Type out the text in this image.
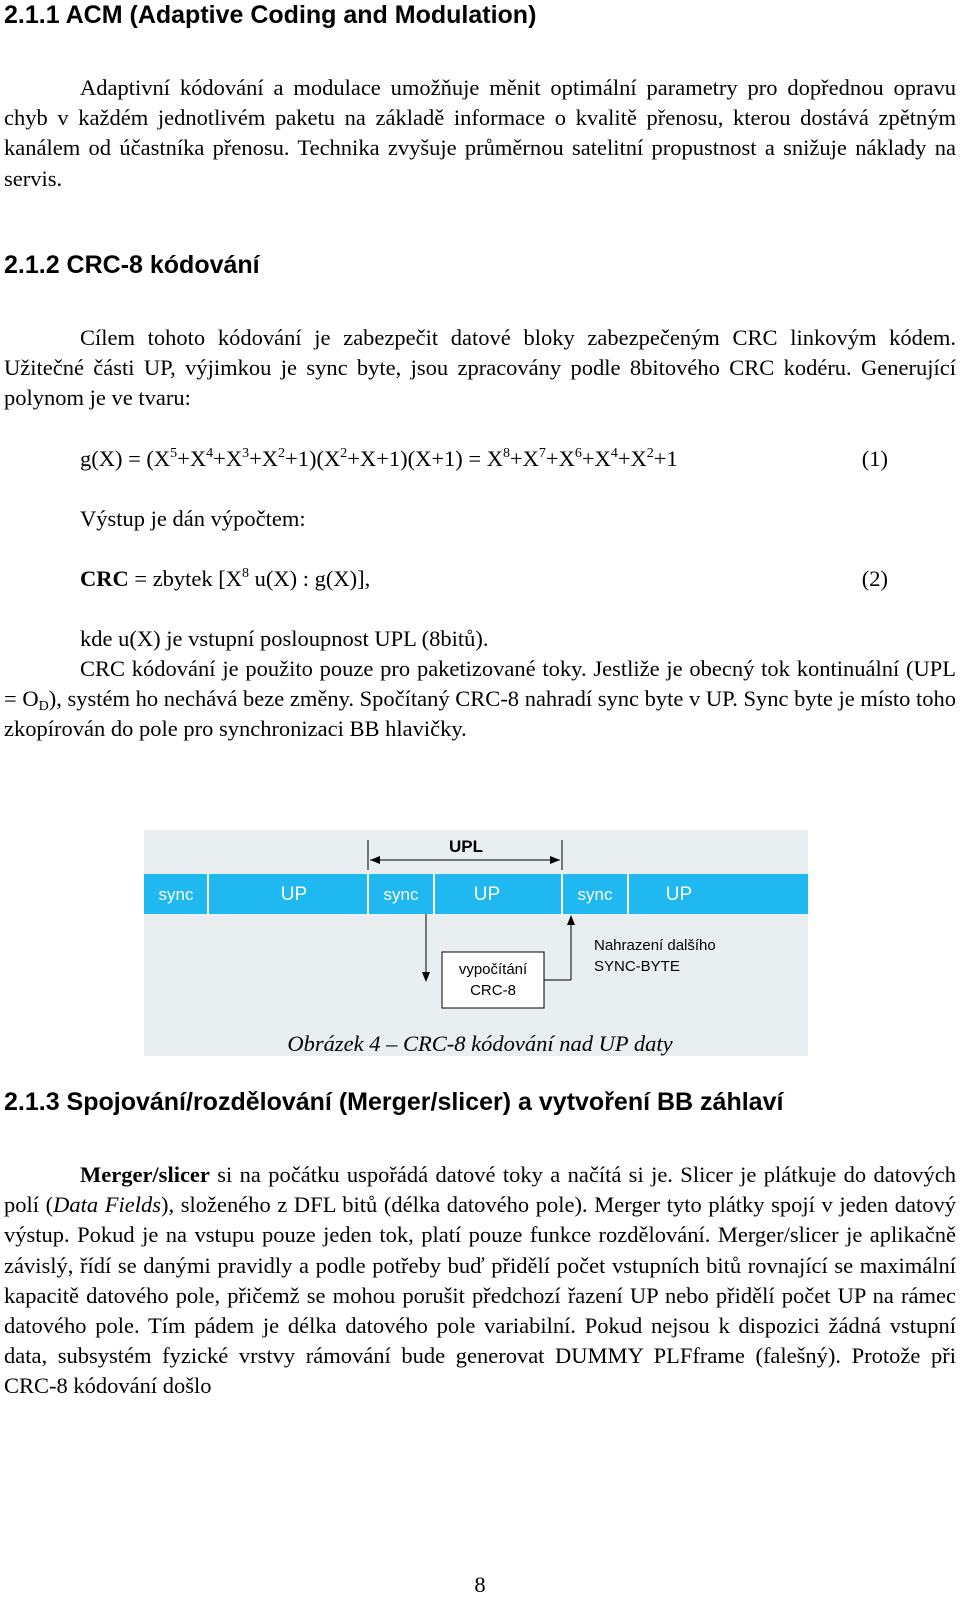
2.1.1 ACM (Adaptive Coding and Modulation)

Adaptivní kódování a modulace umožňuje měnit optimální parametry pro dopřednou opravu chyb v každém jednotlivém paketu na základě informace o kvalitě přenosu, kterou dostává zpětným kanálem od účastníka přenosu. Technika zvyšuje průměrnou satelitní propustnost a snižuje náklady na servis.

2.1.2 CRC-8 kódování

Cílem tohoto kódování je zabezpečit datové bloky zabezpečeným CRC linkovým kódem. Užitečné části UP, výjimkou je sync byte, jsou zpracovány podle 8bitového CRC kodéru. Generující polynom je ve tvaru:

$g(X) = (X^5+X^4+X^3+X^2+1)(X^2+X+1)(X+1) = X^8+X^7+X^6+X^4+X^2+1$	(1)
Výstup je dán výpočtem:
CRC = zbytek [$X^8$ u(X) : g(X)],	(2)
kde u(X) je vstupní posloupnost UPL (8bitů).

CRC kódování je použito pouze pro paketizované toky. Jestliže je obecný tok kontinuální $(UPL = O_D)$, systém ho nechává beze změny. Spočítaný CRC-8 nahradí sync byte v UP. Sync byte je místo toho zkopírován do pole pro synchronizaci BB hlavičky.

UPL
sync	UP	sync	UP	sync	UP
vypočítání
CRC-8
Nahrazení dalšího
SYNC-BYTE
Obrázek 4 – CRC-8 kódování nad UP daty
2.1.3 Spojování/rozdělování (Merger/slicer) a vytvoření BB záhlaví

Merger/slicer si na počátku uspořádá datové toky a načítá si je. Slicer je plátkuje do datových polí (Data Fields), složeného z DFL bitů (délka datového pole). Merger tyto plátky spojí v jeden datový výstup. Pokud je na vstupu pouze jeden tok, platí pouze funkce rozdělování. Merger/slicer je aplikačně závislý, řídí se danými pravidly a podle potřeby buď přidělí počet vstupních bitů rovnající se maximální kapacitě datového pole, přičemž se mohou porušit předchozí řazení UP nebo přidělí počet UP na rámec datového pole. Tím pádem je délka datového pole variabilní. Pokud nejsou k dispozici žádná vstupní data, subsystém fyzické vrstvy rámování bude generovat DUMMY PLFframe (falešný). Protože při CRC-8 kódování došlo

8
